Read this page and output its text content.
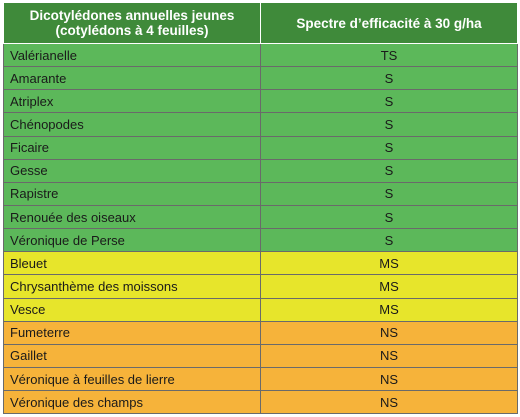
Dicotylédones annuelles jeunes
(cotylédons à 4 feuilles)	Spectre d’efficacité à 30 g/ha
Valérianelle	TS
Amarante	S
Atriplex	S
Chénopodes	S
Ficaire	S
Gesse	S
Rapistre	S
Renouée des oiseaux	S
Véronique de Perse	S
Bleuet	MS
Chrysanthème des moissons	MS
Vesce	MS
Fumeterre	NS
Gaillet	NS
Véronique à feuilles de lierre	NS
Véronique des champs	NS
